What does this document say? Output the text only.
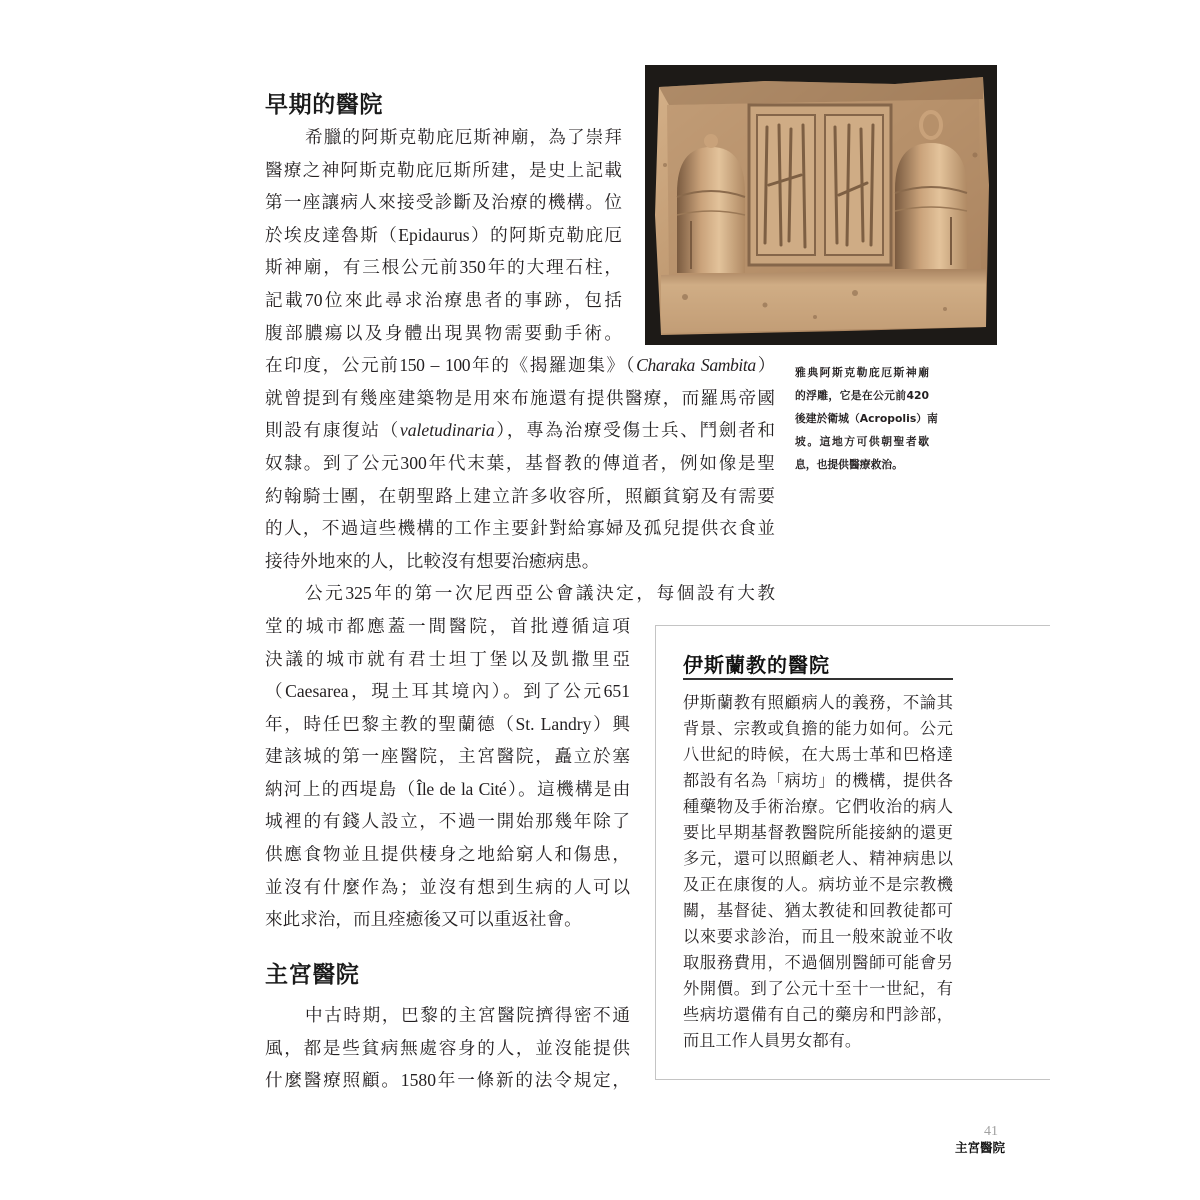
早期的醫院
希臘的阿斯克勒庇厄斯神廟，為了崇拜
醫療之神阿斯克勒庇厄斯所建，是史上記載
第一座讓病人來接受診斷及治療的機構。位
於埃皮達魯斯（Epidaurus）的阿斯克勒庇厄
斯神廟，有三根公元前350年的大理石柱，
記載70位來此尋求治療患者的事跡，包括
腹部膿瘍以及身體出現異物需要動手術。
在印度，公元前150 – 100年的《揭羅迦集》（Charaka Sambita）
就曾提到有幾座建築物是用來布施還有提供醫療，而羅馬帝國
則設有康復站（valetudinaria），專為治療受傷士兵、鬥劍者和
奴隸。到了公元300年代末葉，基督教的傳道者，例如像是聖
約翰騎士團，在朝聖路上建立許多收容所，照顧貧窮及有需要
的人，不過這些機構的工作主要針對給寡婦及孤兒提供衣食並
接待外地來的人，比較沒有想要治癒病患。
公元325年的第一次尼西亞公會議決定，每個設有大教
堂的城市都應蓋一間醫院，首批遵循這項
決議的城市就有君士坦丁堡以及凱撒里亞
（Caesarea，現土耳其境內）。到了公元651
年，時任巴黎主教的聖蘭德（St. Landry）興
建該城的第一座醫院，主宮醫院，矗立於塞
納河上的西堤島（Île de la Cité）。這機構是由
城裡的有錢人設立，不過一開始那幾年除了
供應食物並且提供棲身之地給窮人和傷患，
並沒有什麼作為；並沒有想到生病的人可以
來此求治，而且痊癒後又可以重返社會。
主宮醫院
中古時期，巴黎的主宮醫院擠得密不通
風，都是些貧病無處容身的人，並沒能提供
什麼醫療照顧。1580年一條新的法令規定，
雅典阿斯克勒庇厄斯神廟
的浮雕，它是在公元前420
後建於衛城（Acropolis）南
坡。這地方可供朝聖者歇
息，也提供醫療救治。
伊斯蘭教的醫院
伊斯蘭教有照顧病人的義務，不論其
背景、宗教或負擔的能力如何。公元
八世紀的時候，在大馬士革和巴格達
都設有名為「病坊」的機構，提供各
種藥物及手術治療。它們收治的病人
要比早期基督教醫院所能接納的還更
多元，還可以照顧老人、精神病患以
及正在康復的人。病坊並不是宗教機
關，基督徒、猶太教徒和回教徒都可
以來要求診治，而且一般來說並不收
取服務費用，不過個別醫師可能會另
外開價。到了公元十至十一世紀，有
些病坊還備有自己的藥房和門診部，
而且工作人員男女都有。
41
主宮醫院
